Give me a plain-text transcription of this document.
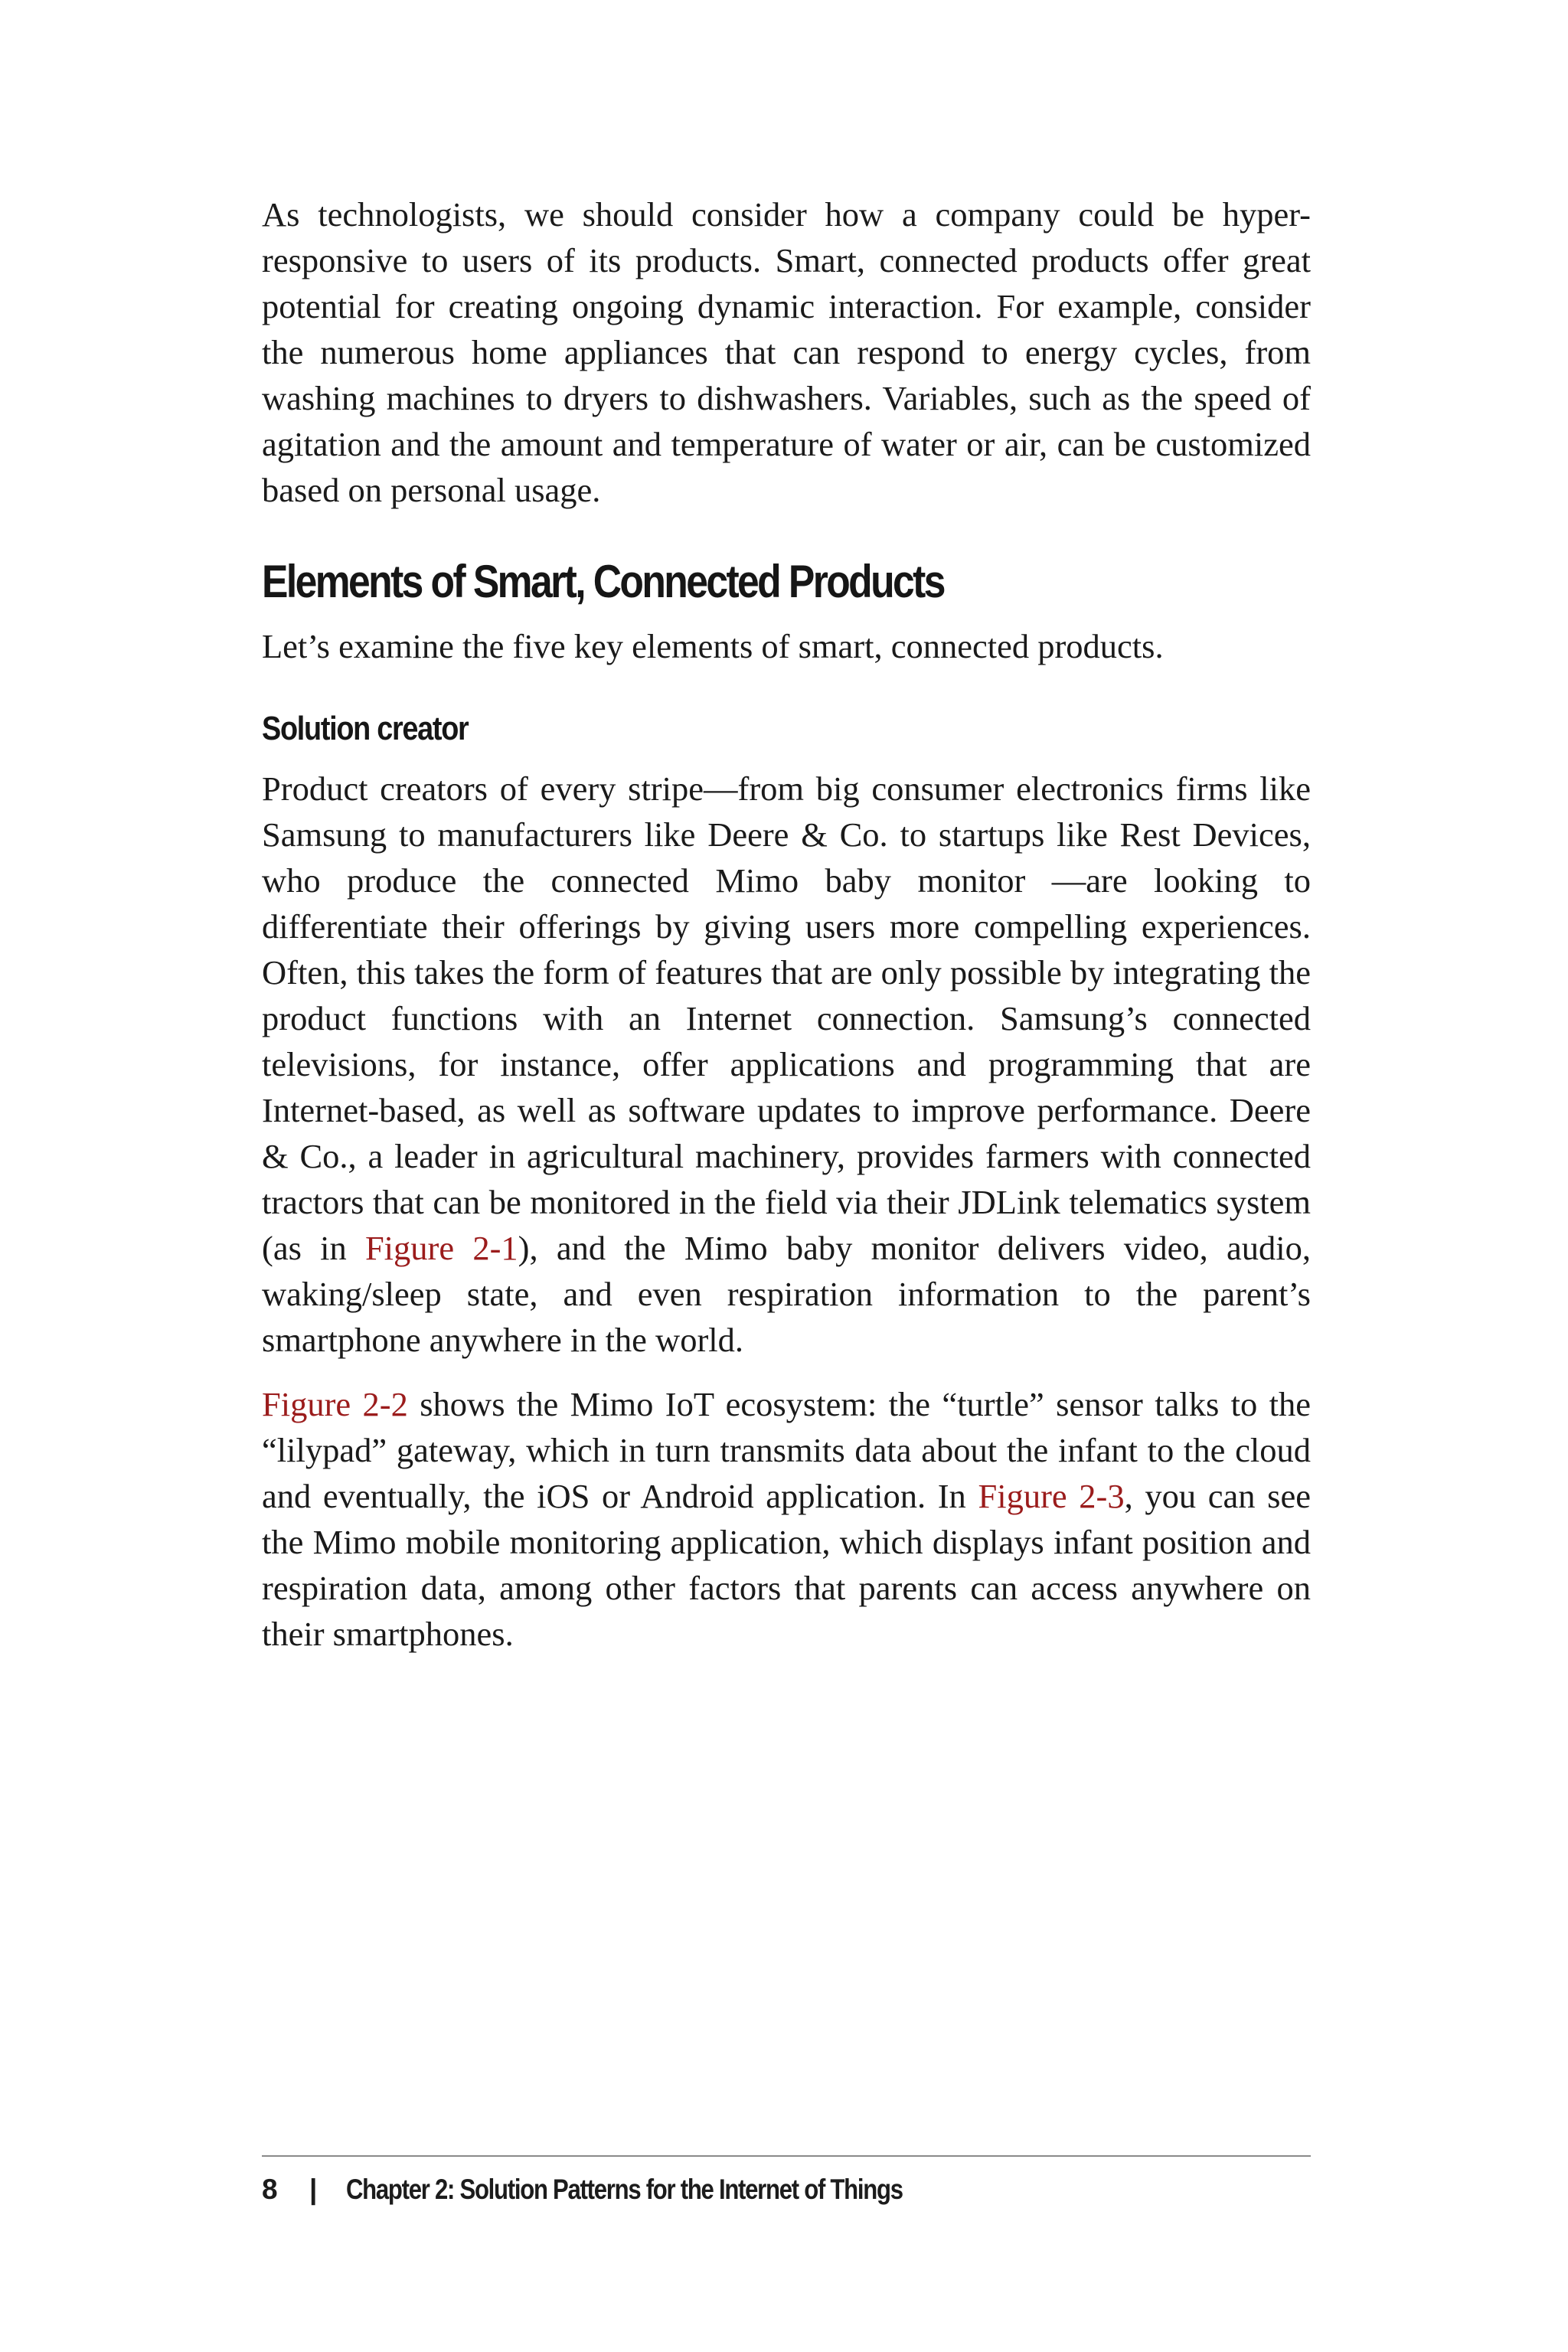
As technologists, we should consider how a company could be hyper-responsive to users of its products. Smart, connected products offer great potential for creating ongoing dynamic interaction. For example, consider the numerous home appliances that can respond to energy cycles, from washing machines to dryers to dishwashers. Variables, such as the speed of agitation and the amount and temperature of water or air, can be customized based on personal usage.

Elements of Smart, Connected Products

Let’s examine the five key elements of smart, connected products.

Solution creator

Product creators of every stripe—from big consumer electronics firms like Samsung to manufacturers like Deere & Co. to startups like Rest Devices, who produce the connected Mimo baby monitor —are looking to differentiate their offerings by giving users more compelling experiences. Often, this takes the form of features that are only possible by integrating the product functions with an Internet connection. Samsung’s connected televisions, for instance, offer applications and programming that are Internet-based, as well as software updates to improve performance. Deere & Co., a leader in agricultural machinery, provides farmers with connected tractors that can be monitored in the field via their JDLink telematics system (as in Figure 2-1), and the Mimo baby monitor delivers video, audio, waking/sleep state, and even respiration information to the parent’s smartphone anywhere in the world.

Figure 2-2 shows the Mimo IoT ecosystem: the “turtle” sensor talks to the “lilypad” gateway, which in turn transmits data about the infant to the cloud and eventually, the iOS or Android application. In Figure 2-3, you can see the Mimo mobile monitoring application, which displays infant position and respiration data, among other factors that parents can access anywhere on their smartphones.

8	| Chapter 2: Solution Patterns for the Internet of Things
